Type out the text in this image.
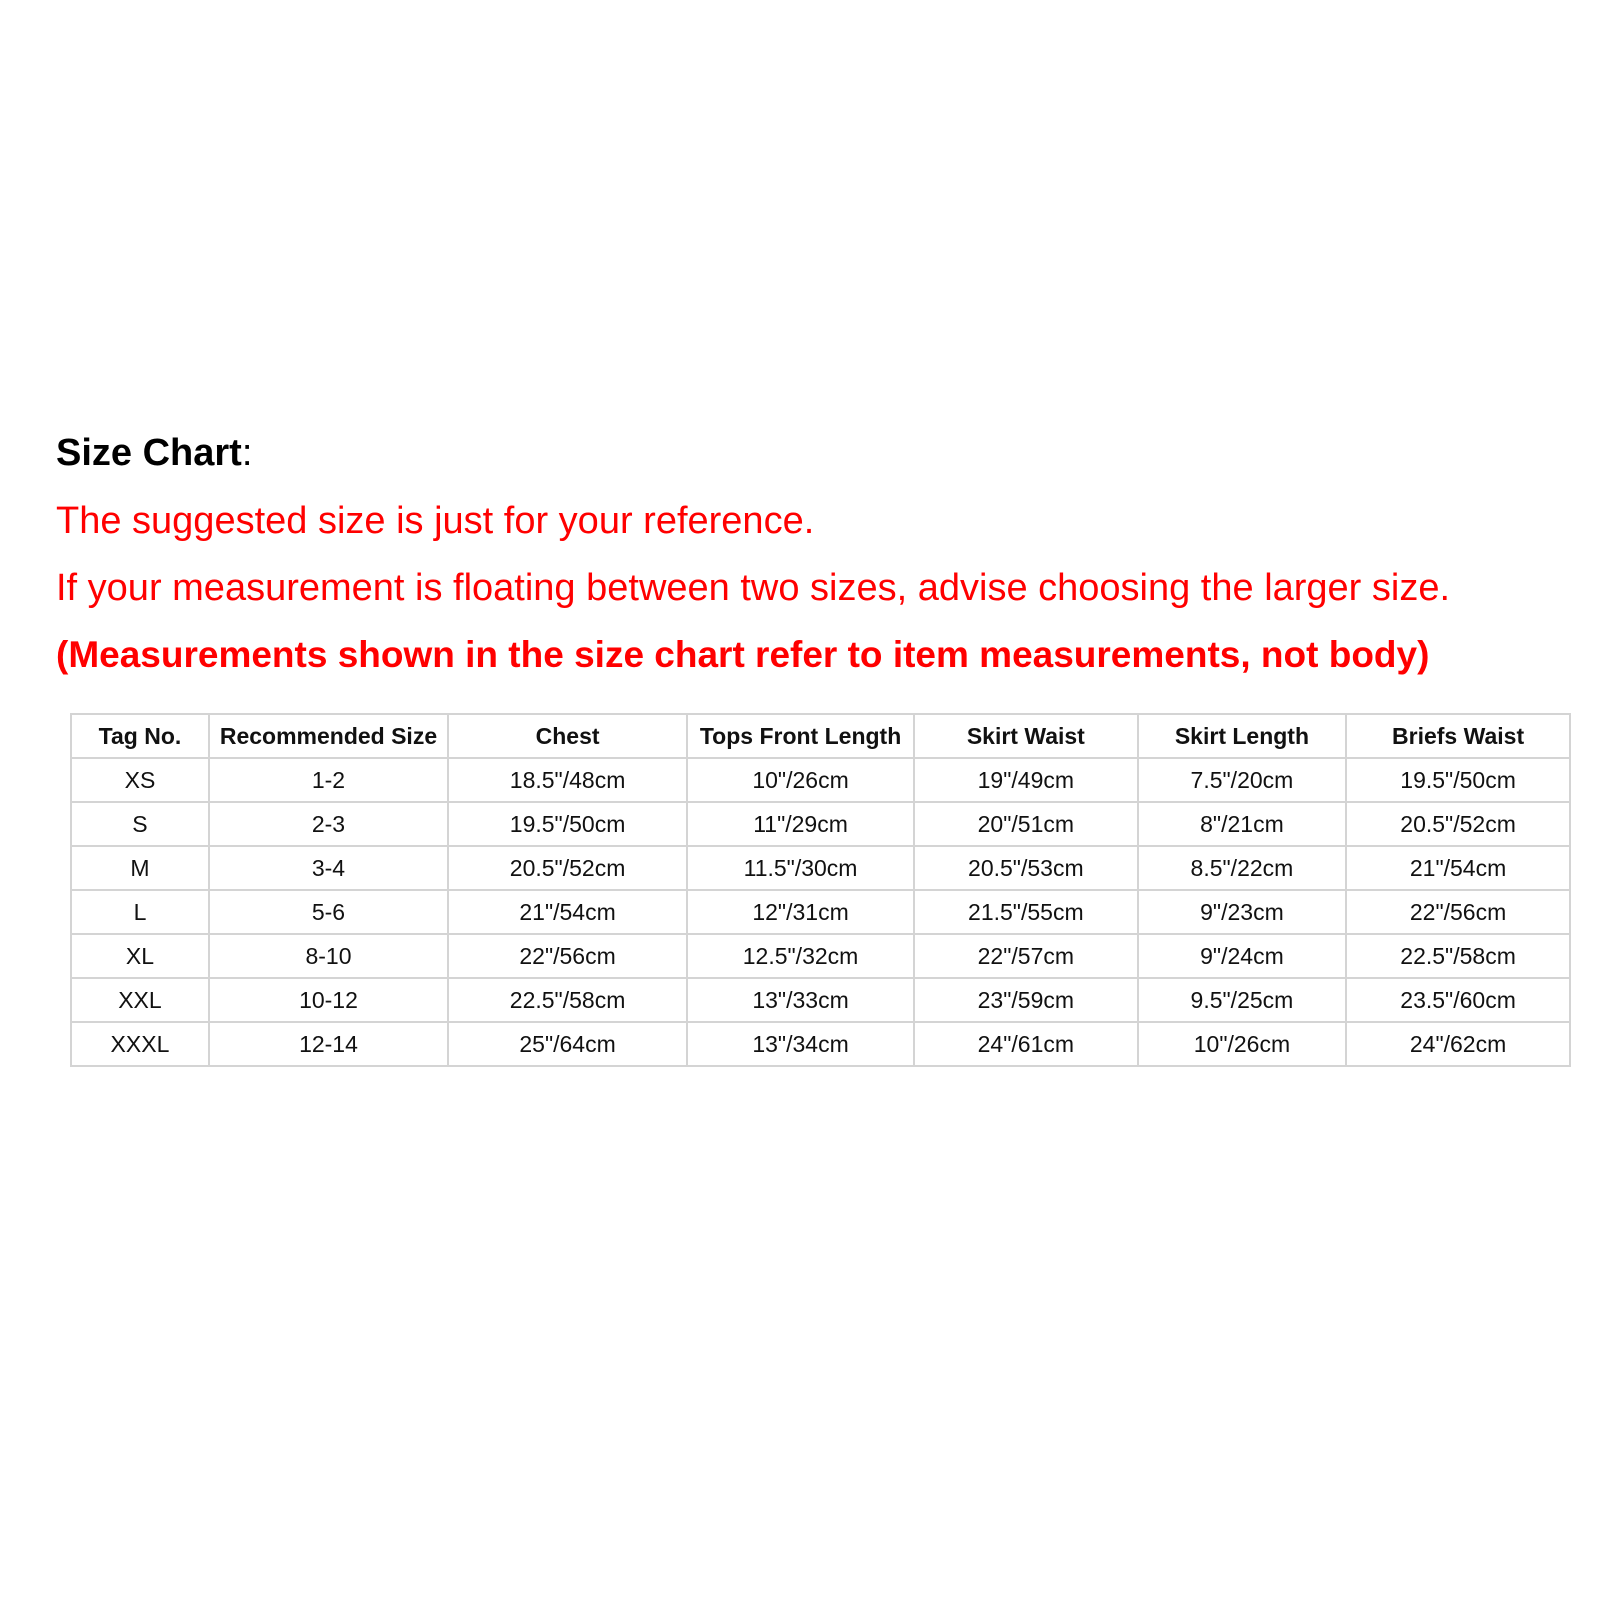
Size Chart:
The suggested size is just for your reference.
If your measurement is floating between two sizes, advise choosing the larger size.
(Measurements shown in the size chart refer to item measurements, not body)
Tag No.	Recommended Size	Chest	Tops Front Length	Skirt Waist	Skirt Length	Briefs Waist
XS	1-2	18.5"/48cm	10"/26cm	19"/49cm	7.5"/20cm	19.5"/50cm
S	2-3	19.5"/50cm	11"/29cm	20"/51cm	8"/21cm	20.5"/52cm
M	3-4	20.5"/52cm	11.5"/30cm	20.5"/53cm	8.5"/22cm	21"/54cm
L	5-6	21"/54cm	12"/31cm	21.5"/55cm	9"/23cm	22"/56cm
XL	8-10	22"/56cm	12.5"/32cm	22"/57cm	9"/24cm	22.5"/58cm
XXL	10-12	22.5"/58cm	13"/33cm	23"/59cm	9.5"/25cm	23.5"/60cm
XXXL	12-14	25"/64cm	13"/34cm	24"/61cm	10"/26cm	24"/62cm
